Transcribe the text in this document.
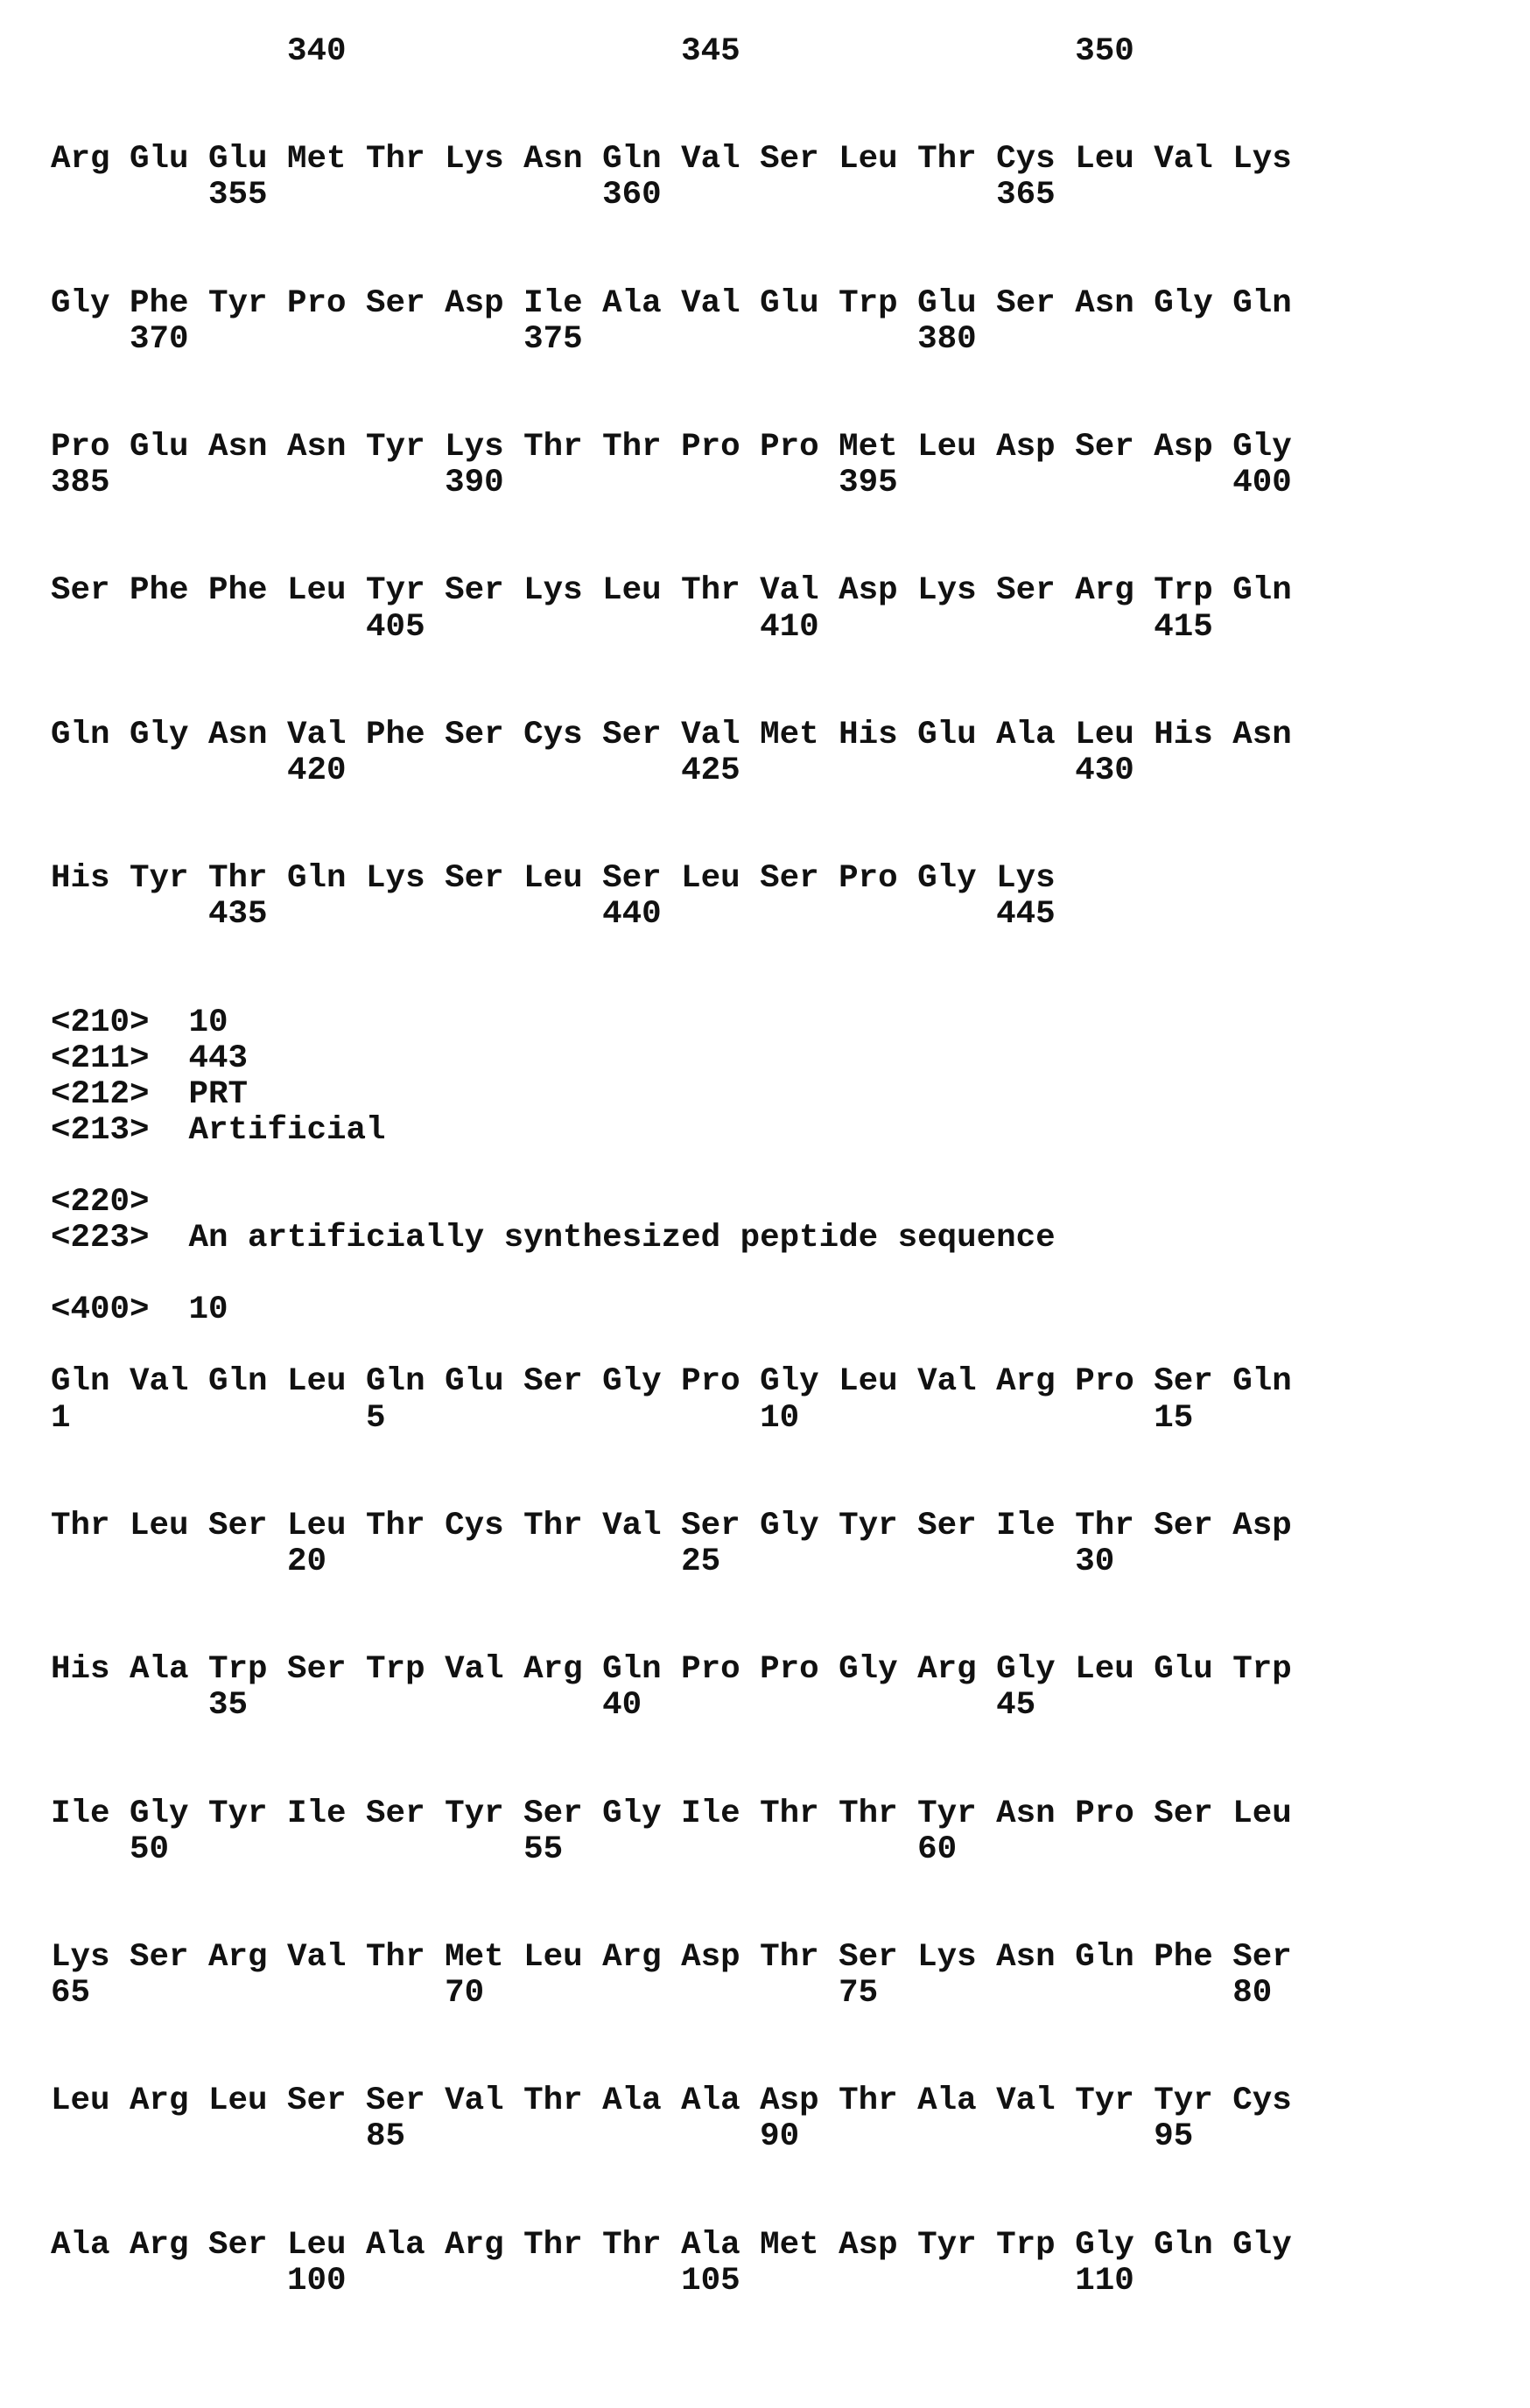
340                 345                 350
Arg Glu Glu Met Thr Lys Asn Gln Val Ser Leu Thr Cys Leu Val Lys
355                 360                 365
Gly Phe Tyr Pro Ser Asp Ile Ala Val Glu Trp Glu Ser Asn Gly Gln
370                 375                 380
Pro Glu Asn Asn Tyr Lys Thr Thr Pro Pro Met Leu Asp Ser Asp Gly
385                 390                 395                 400
Ser Phe Phe Leu Tyr Ser Lys Leu Thr Val Asp Lys Ser Arg Trp Gln
405                 410                 415
Gln Gly Asn Val Phe Ser Cys Ser Val Met His Glu Ala Leu His Asn
420                 425                 430
His Tyr Thr Gln Lys Ser Leu Ser Leu Ser Pro Gly Lys
435                 440                 445
<210>  10
<211>  443
<212>  PRT
<213>  Artificial
<220>
<223>  An artificially synthesized peptide sequence
<400>  10
Gln Val Gln Leu Gln Glu Ser Gly Pro Gly Leu Val Arg Pro Ser Gln
1               5                   10                  15
Thr Leu Ser Leu Thr Cys Thr Val Ser Gly Tyr Ser Ile Thr Ser Asp
20                  25                  30
His Ala Trp Ser Trp Val Arg Gln Pro Pro Gly Arg Gly Leu Glu Trp
35                  40                  45
Ile Gly Tyr Ile Ser Tyr Ser Gly Ile Thr Thr Tyr Asn Pro Ser Leu
50                  55                  60
Lys Ser Arg Val Thr Met Leu Arg Asp Thr Ser Lys Asn Gln Phe Ser
65                  70                  75                  80
Leu Arg Leu Ser Ser Val Thr Ala Ala Asp Thr Ala Val Tyr Tyr Cys
85                  90                  95
Ala Arg Ser Leu Ala Arg Thr Thr Ala Met Asp Tyr Trp Gly Gln Gly
100                 105                 110
